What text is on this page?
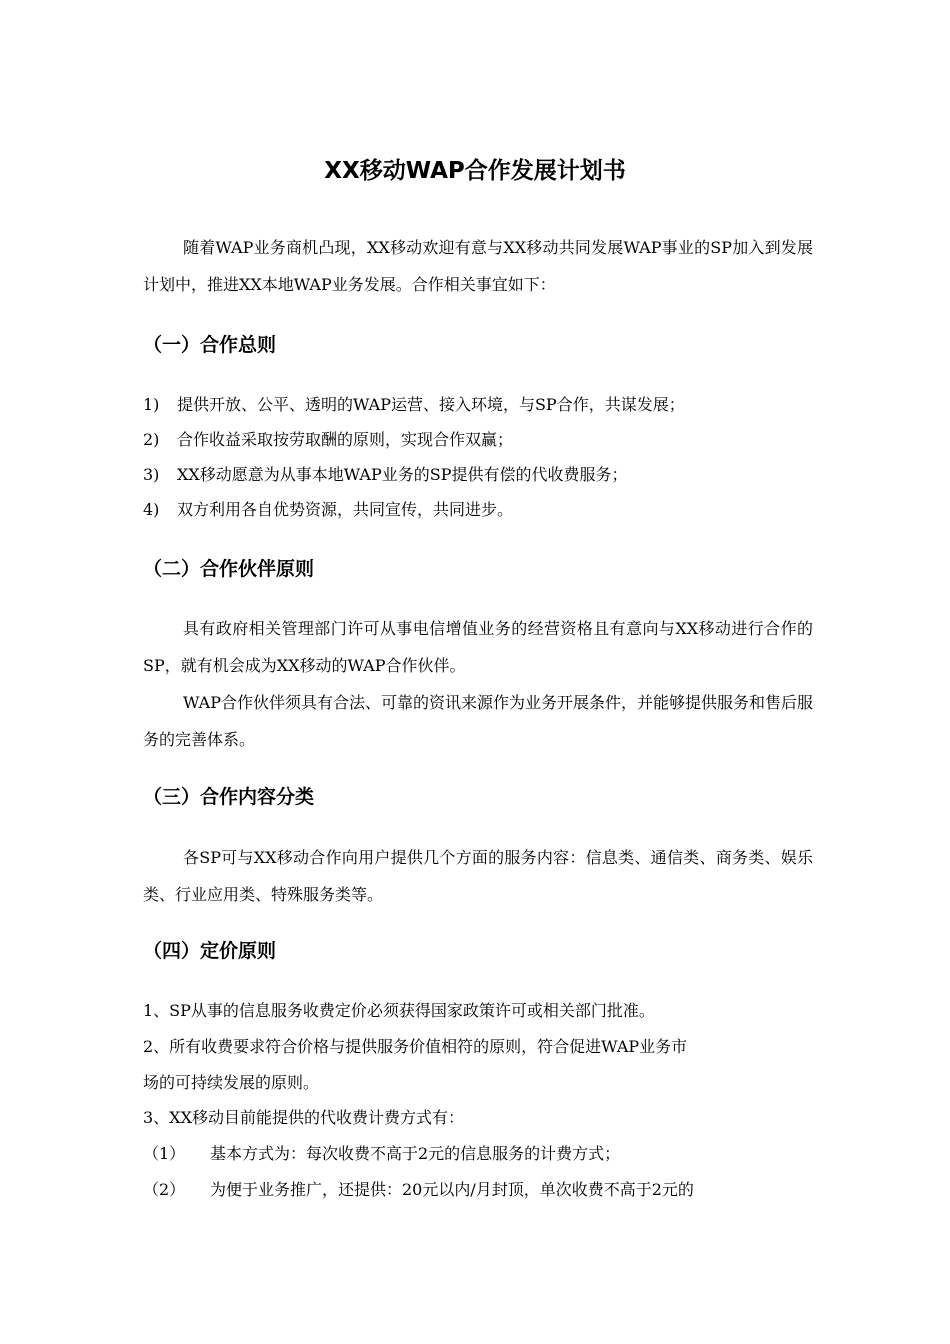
XX移动WAP合作发展计划书
随着WAP业务商机凸现，XX移动欢迎有意与XX移动共同发展WAP事业的SP加入到发展计划中，推进XX本地WAP业务发展。合作相关事宜如下：
（一）合作总则
1) 提供开放、公平、透明的WAP运营、接入环境，与SP合作，共谋发展；
2) 合作收益采取按劳取酬的原则，实现合作双赢；
3) XX移动愿意为从事本地WAP业务的SP提供有偿的代收费服务；
4) 双方利用各自优势资源，共同宣传，共同进步。
（二）合作伙伴原则
具有政府相关管理部门许可从事电信增值业务的经营资格且有意向与XX移动进行合作的SP，就有机会成为XX移动的WAP合作伙伴。
WAP合作伙伴须具有合法、可靠的资讯来源作为业务开展条件，并能够提供服务和售后服务的完善体系。
（三）合作内容分类
各SP可与XX移动合作向用户提供几个方面的服务内容：信息类、通信类、商务类、娱乐类、行业应用类、特殊服务类等。
（四）定价原则
1、SP从事的信息服务收费定价必须获得国家政策许可或相关部门批准。
2、所有收费要求符合价格与提供服务价值相符的原则，符合促进WAP业务市
场的可持续发展的原则。
3、XX移动目前能提供的代收费计费方式有：
（1） 基本方式为：每次收费不高于2元的信息服务的计费方式；
（2） 为便于业务推广，还提供：20元以内/月封顶，单次收费不高于2元的
